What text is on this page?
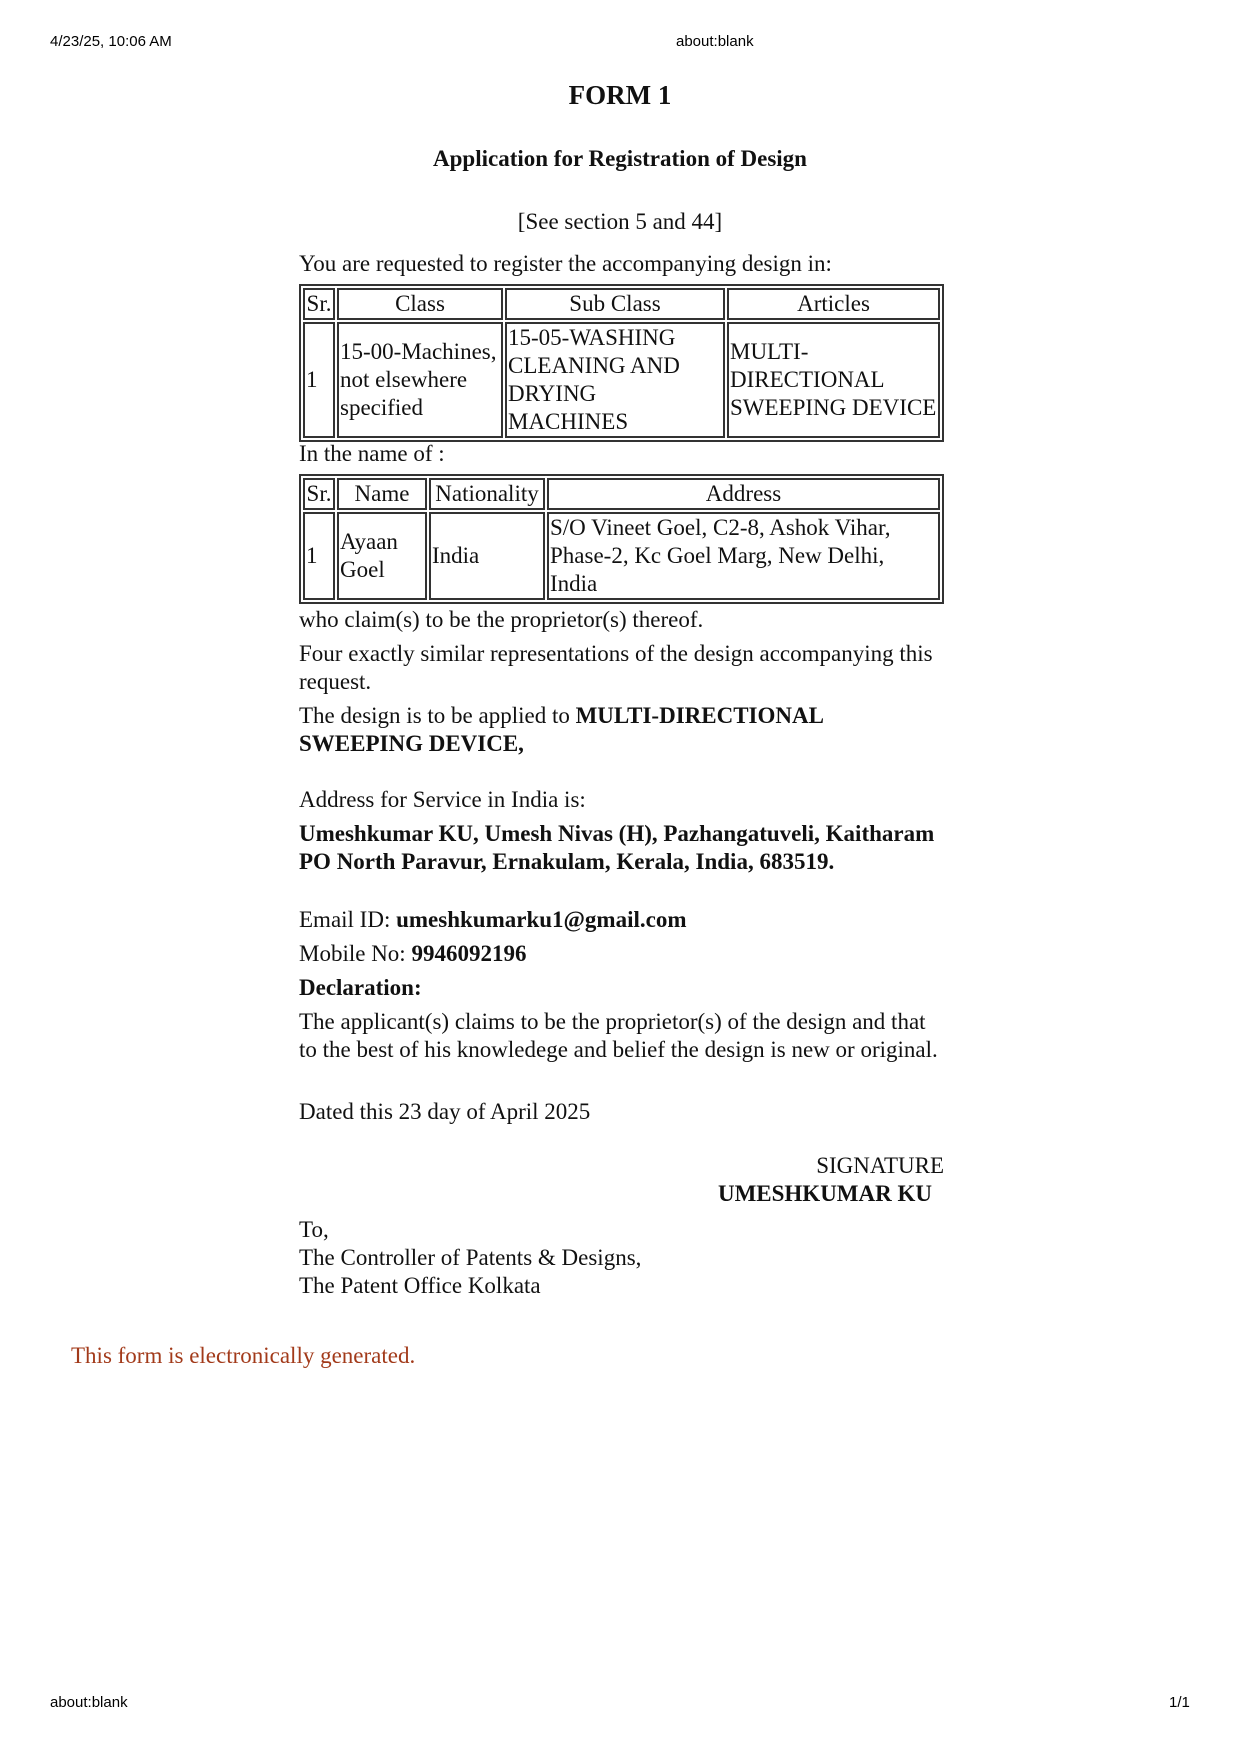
4/23/25, 10:06 AM	about:blank
FORM 1
Application for Registration of Design
[See section 5 and 44]
You are requested to register the accompanying design in:
Sr.	Class	Sub Class	Articles
1	15-00-Machines, not elsewhere specified	15-05-WASHING CLEANING AND DRYING MACHINES	MULTI-DIRECTIONAL SWEEPING DEVICE
In the name of :
Sr.	Name	Nationality	Address
1	Ayaan Goel	India	S/O Vineet Goel, C2-8, Ashok Vihar, Phase-2, Kc Goel Marg, New Delhi, India
who claim(s) to be the proprietor(s) thereof.
Four exactly similar representations of the design accompanying this request.
The design is to be applied to MULTI-DIRECTIONAL SWEEPING DEVICE,
Address for Service in India is:
Umeshkumar KU, Umesh Nivas (H), Pazhangatuveli, Kaitharam PO North Paravur, Ernakulam, Kerala, India, 683519.
Email ID: umeshkumarku1@gmail.com
Mobile No: 9946092196
Declaration:
The applicant(s) claims to be the proprietor(s) of the design and that to the best of his knowledege and belief the design is new or original.
Dated this 23 day of April 2025
SIGNATURE
UMESHKUMAR KU
To,
The Controller of Patents & Designs,
The Patent Office Kolkata
This form is electronically generated.
about:blank	1/1
